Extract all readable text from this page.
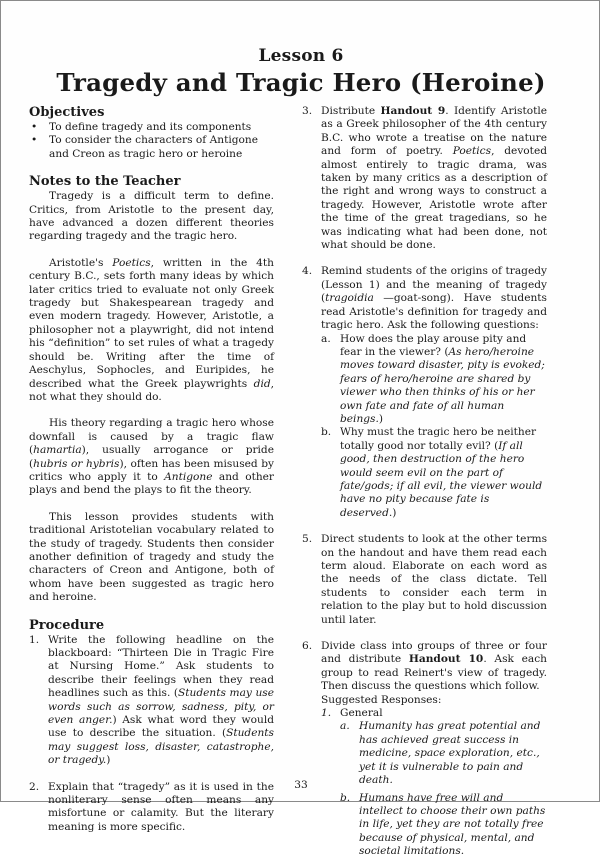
Lesson 6
Tragedy and Tragic Hero (Heroine)
Objectives
• To define tragedy and its components
• To consider the characters of Antigone and Creon as tragic hero or heroine
Notes to the Teacher

Tragedy is a difficult term to define. Critics, from Aristotle to the present day, have advanced a dozen different theories regarding tragedy and the tragic hero.

Aristotle's Poetics, written in the 4th century B.C., sets forth many ideas by which later critics tried to evaluate not only Greek tragedy but Shakespearean tragedy and even modern tragedy. However, Aristotle, a philosopher not a playwright, did not intend his “definition” to set rules of what a tragedy should be. Writing after the time of Aeschylus, Sophocles, and Euripides, he described what the Greek playwrights did, not what they should do.

His theory regarding a tragic hero whose downfall is caused by a tragic flaw (hamartia), usually arrogance or pride (hubris or hybris), often has been misused by critics who apply it to Antigone and other plays and bend the plays to fit the theory.

This lesson provides students with traditional Aristotelian vocabulary related to the study of tragedy. Students then consider another definition of tragedy and study the characters of Creon and Antigone, both of whom have been suggested as tragic hero and heroine.

Procedure
1. Write the following headline on the blackboard: “Thirteen Die in Tragic Fire at Nursing Home.” Ask students to describe their feelings when they read headlines such as this. (Students may use words such as sorrow, sadness, pity, or even anger.) Ask what word they would use to describe the situation. (Students may suggest loss, disaster, catastrophe, or tragedy.)
2. Explain that “tragedy” as it is used in the nonliterary sense often means any misfortune or calamity. But the literary meaning is more specific.
3. Distribute Handout 9. Identify Aristotle as a Greek philosopher of the 4th century B.C. who wrote a treatise on the nature and form of poetry. Poetics, devoted almost entirely to tragic drama, was taken by many critics as a description of the right and wrong ways to construct a tragedy. However, Aristotle wrote after the time of the great tragedians, so he was indicating what had been done, not what should be done.
4. Remind students of the origins of tragedy (Lesson 1) and the meaning of tragedy (tragoidia —goat-song). Have students read Aristotle's definition for tragedy and tragic hero. Ask the following questions:
a. How does the play arouse pity and fear in the viewer? (As hero/heroine moves toward disaster, pity is evoked; fears of hero/heroine are shared by viewer who then thinks of his or her own fate and fate of all human beings.)
b. Why must the tragic hero be neither totally good nor totally evil? (If all good, then destruction of the hero would seem evil on the part of fate/gods; if all evil, the viewer would have no pity because fate is deserved.)
5. Direct students to look at the other terms on the handout and have them read each term aloud. Elaborate on each word as the needs of the class dictate. Tell students to consider each term in relation to the play but to hold discussion until later.
6. Divide class into groups of three or four and distribute Handout 10. Ask each group to read Reinert's view of tragedy. Then discuss the questions which follow.
Suggested Responses:
1. General
a. Humanity has great potential and has achieved great success in medicine, space exploration, etc., yet it is vulnerable to pain and death.
b. Humans have free will and intellect to choose their own paths in life, yet they are not totally free because of physical, mental, and societal limitations.
33
